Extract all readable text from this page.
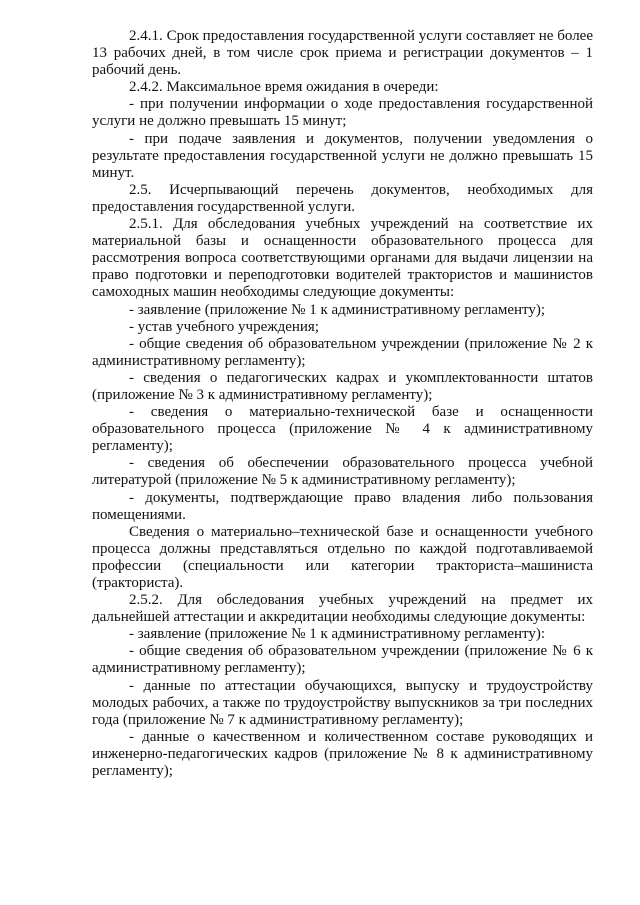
2.4.1. Срок предоставления государственной услуги составляет не более 13 рабочих дней, в том числе срок приема и регистрации документов – 1 рабочий день.

2.4.2. Максимальное время ожидания в очереди:

- при получении информации о ходе предоставления государственной услуги не должно превышать 15 минут;

- при подаче заявления и документов, получении уведомления о результате предоставления государственной услуги не должно превышать 15 минут.

2.5. Исчерпывающий перечень документов, необходимых для предоставления государственной услуги.

2.5.1. Для обследования учебных учреждений на соответствие их материальной базы и оснащенности образовательного процесса для рассмотрения вопроса соответствующими органами для выдачи лицензии на право подготовки и переподготовки водителей трактористов и машинистов самоходных машин необходимы следующие документы:

- заявление (приложение № 1 к административному регламенту);

- устав учебного учреждения;

- общие сведения об образовательном учреждении (приложение № 2 к административному регламенту);

- сведения о педагогических кадрах и укомплектованности штатов (приложение № 3 к административному регламенту);

- сведения о материально-технической базе и оснащенности образовательного процесса (приложение № 4 к административному регламенту);

- сведения об обеспечении образовательного процесса учебной литературой (приложение № 5 к административному регламенту);

- документы, подтверждающие право владения либо пользования помещениями.

Сведения о материально–технической базе и оснащенности учебного процесса должны представляться отдельно по каждой подготавливаемой профессии (специальности или категории тракториста–машиниста (тракториста).

2.5.2. Для обследования учебных учреждений на предмет их дальнейшей аттестации и аккредитации необходимы следующие документы:

- заявление (приложение № 1 к административному регламенту):

- общие сведения об образовательном учреждении (приложение № 6 к административному регламенту);

- данные по аттестации обучающихся, выпуску и трудоустройству молодых рабочих, а также по трудоустройству выпускников за три последних года (приложение № 7 к административному регламенту);

- данные о качественном и количественном составе руководящих и инженерно-педагогических кадров (приложение № 8 к административному регламенту);
